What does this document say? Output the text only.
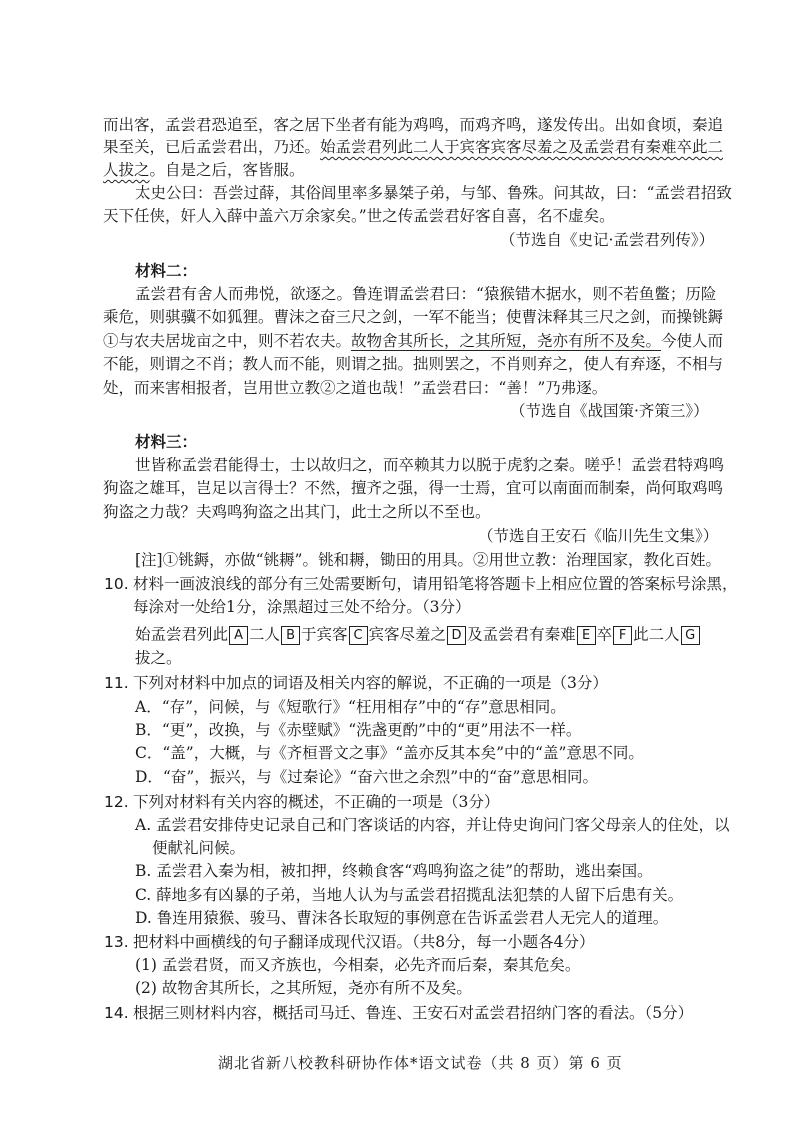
而出客，孟尝君恐追至，客之居下坐者有能为鸡鸣，而鸡齐鸣，遂发传出。出如食顷，秦追
果至关，已后孟尝君出，乃还。始孟尝君列此二人于宾客宾客尽羞之及孟尝君有秦难卒此二
人拔之。自是之后，客皆服。
太史公曰：吾尝过薛，其俗闾里率多暴桀子弟，与邹、鲁殊。问其故，曰：“孟尝君招致
天下任侠，奸人入薛中盖六万余家矣。”世之传孟尝君好客自喜，名不虚矣。
（节选自《史记·孟尝君列传》）
材料二：
孟尝君有舍人而弗悦，欲逐之。鲁连谓孟尝君曰：“猿猴错木据水，则不若鱼鳖；历险
乘危，则骐骥不如狐狸。曹沫之奋三尺之剑，一军不能当；使曹沫释其三尺之剑，而操铫鎒
①与农夫居垅亩之中，则不若农夫。故物舍其所长，之其所短，尧亦有所不及矣。今使人而
不能，则谓之不肖；教人而不能，则谓之拙。拙则罢之，不肖则弃之，使人有弃逐，不相与
处，而来害相报者，岂用世立教②之道也哉！”孟尝君曰：“善！”乃弗逐。
（节选自《战国策·齐策三》）
材料三：
世皆称孟尝君能得士，士以故归之，而卒赖其力以脱于虎豹之秦。嗟乎！孟尝君特鸡鸣
狗盗之雄耳，岂足以言得士？不然，擅齐之强，得一士焉，宜可以南面而制秦，尚何取鸡鸣
狗盗之力哉？夫鸡鸣狗盗之出其门，此士之所以不至也。
（节选自王安石《临川先生文集》）
[注]①铫鎒，亦做“铫耨”。铫和耨，锄田的用具。②用世立教：治理国家，教化百姓。
10. 材料一画波浪线的部分有三处需要断句，请用铅笔将答题卡上相应位置的答案标号涂黑，
每涂对一处给1分，涂黑超过三处不给分。（3分）
始孟尝君列此 A 二人 B 于宾客 C 宾客尽羞之 D 及孟尝君有秦难 E 卒 F 此二人 G
拔之。
11. 下列对材料中加点的词语及相关内容的解说，不正确的一项是（3分）
A．“存”，问候，与《短歌行》“枉用相存”中的“存”意思相同。
B．“更”，改换，与《赤壁赋》“洗盏更酌”中的“更”用法不一样。
C．“盖”，大概，与《齐桓晋文之事》“盖亦反其本矣”中的“盖”意思不同。
D．“奋”，振兴，与《过秦论》“奋六世之余烈”中的“奋”意思相同。
12. 下列对材料有关内容的概述，不正确的一项是（3分）
A. 孟尝君安排侍史记录自己和门客谈话的内容，并让侍史询问门客父母亲人的住处，以
便献礼问候。
B. 孟尝君入秦为相，被扣押，终赖食客“鸡鸣狗盗之徒”的帮助，逃出秦国。
C. 薛地多有凶暴的子弟，当地人认为与孟尝君招揽乱法犯禁的人留下后患有关。
D. 鲁连用猿猴、骏马、曹沫各长取短的事例意在告诉孟尝君人无完人的道理。
13. 把材料中画横线的句子翻译成现代汉语。（共8分，每一小题各4分）
(1) 孟尝君贤，而又齐族也，今相秦，必先齐而后秦，秦其危矣。
(2) 故物舍其所长，之其所短，尧亦有所不及矣。
14. 根据三则材料内容，概括司马迁、鲁连、王安石对孟尝君招纳门客的看法。（5分）
湖北省新八校教科研协作体*语文试卷（共 8 页）第 6 页
